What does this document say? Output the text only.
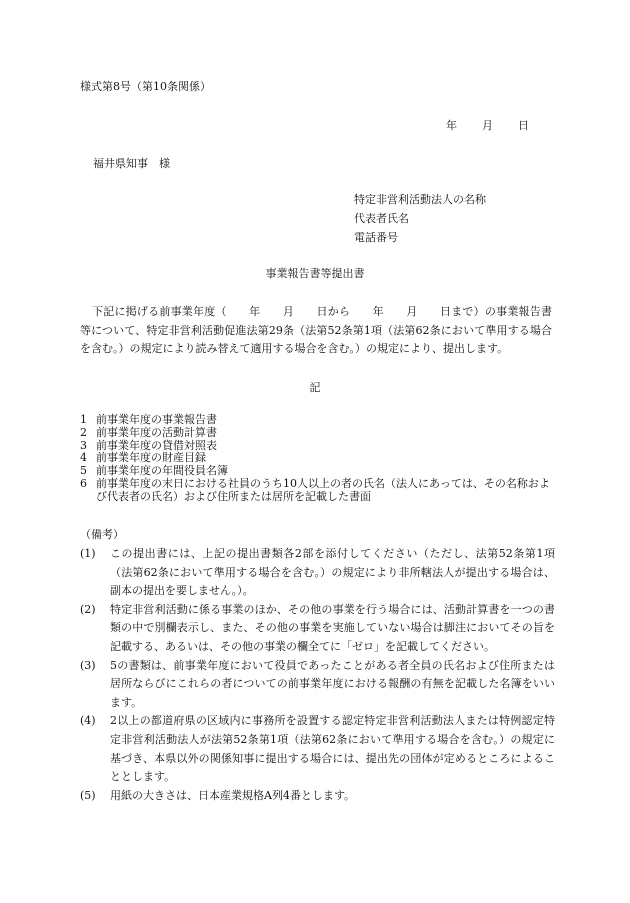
様式第8号（第10条関係）
年 月 日
福井県知事　様
特定非営利活動法人の名称
代表者氏名
電話番号
事業報告書等提出書
下記に掲げる前事業年度（　　年　　月　　日から　　年　　月　　日まで）の事業報告書等について、特定非営利活動促進法第29条（法第52条第1項（法第62条において準用する場合を含む。）の規定により読み替えて適用する場合を含む。）の規定により、提出します。
記
1 前事業年度の事業報告書
2 前事業年度の活動計算書
3 前事業年度の貸借対照表
4 前事業年度の財産目録
5 前事業年度の年間役員名簿
6 前事業年度の末日における社員のうち10人以上の者の氏名（法人にあっては、その名称および代表者の氏名）および住所または居所を記載した書面
（備考）
(1)	この提出書には、上記の提出書類各2部を添付してください（ただし、法第52条第1項（法第62条において準用する場合を含む。）の規定により非所轄法人が提出する場合は、副本の提出を要しません。）。
(2)	特定非営利活動に係る事業のほか、その他の事業を行う場合には、活動計算書を一つの書類の中で別欄表示し、また、その他の事業を実施していない場合は脚注においてその旨を記載する、あるいは、その他の事業の欄全てに「ゼロ」を記載してください。
(3)	5の書類は、前事業年度において役員であったことがある者全員の氏名および住所または居所ならびにこれらの者についての前事業年度における報酬の有無を記載した名簿をいいます。
(4)	2以上の都道府県の区域内に事務所を設置する認定特定非営利活動法人または特例認定特定非営利活動法人が法第52条第1項（法第62条において準用する場合を含む。）の規定に基づき、本県以外の関係知事に提出する場合には、提出先の団体が定めるところによることとします。
(5)	用紙の大きさは、日本産業規格A列4番とします。
